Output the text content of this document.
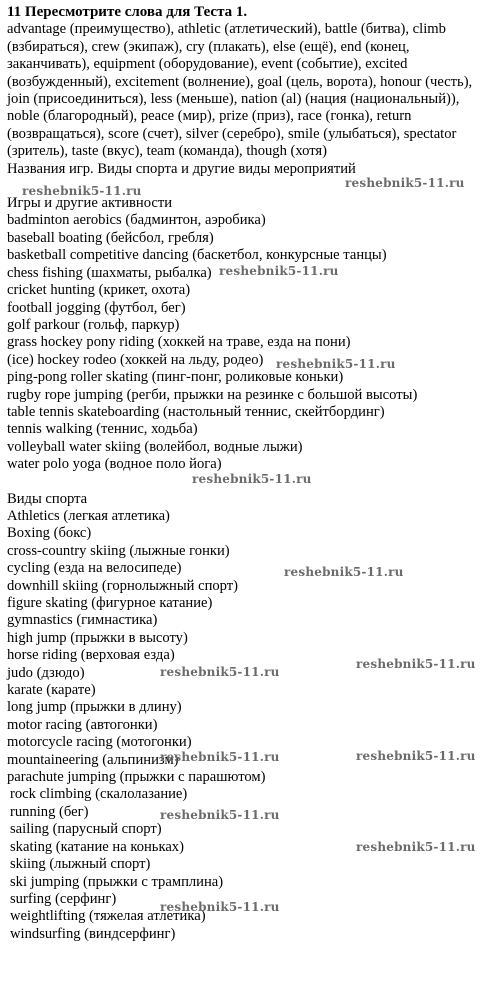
11 Пересмотрите слова для Теста 1.

advantage (преимущество), athletic (атлетический), battle (битва), climb (взбираться), crew (экипаж), cry (плакать), else (ещё), end (конец, заканчивать), equipment (оборудование), event (событие), excited (возбужденный), excitement (волнение), goal (цель, ворота), honour (честь), join (присоединиться), less (меньше), nation (al) (нация (национальный)), noble (благородный), peace (мир), prize (приз), race (гонка), return (возвращаться), score (счет), silver (серебро), smile (улыбаться), spectator (зритель), taste (вкус), team (команда), though (хотя)

Названия игр. Виды спорта и другие виды мероприятий
Игры и другие активности
badminton aerobics (бадминтон, аэробика)
baseball boating (бейсбол, гребля)
basketball competitive dancing (баскетбол, конкурсные танцы)
chess fishing (шахматы, рыбалка)
cricket hunting (крикет, охота)
football jogging (футбол, бег)
golf parkour (гольф, паркур)
grass hockey pony riding (хоккей на траве, езда на пони)
(ice) hockey rodeo (хоккей на льду, родео)
ping-pong roller skating (пинг-понг, роликовые коньки)
rugby rope jumping (регби, прыжки на резинке с большой высоты)
table tennis skateboarding (настольный теннис, скейтбординг)
tennis walking (теннис, ходьба)
volleyball water skiing (волейбол, водные лыжи)
water polo yoga (водное поло йога)
Виды спорта
Athletics (легкая атлетика)
Boxing (бокс)
cross-country skiing (лыжные гонки)
cycling (езда на велосипеде)
downhill skiing (горнолыжный спорт)
figure skating (фигурное катание)
gymnastics (гимнастика)
high jump (прыжки в высоту)
horse riding (верховая езда)
judo (дзюдо)
karate (карате)
long jump (прыжки в длину)
motor racing (автогонки)
motorcycle racing (мотогонки)
mountaineering (альпинизм)
parachute jumping (прыжки с парашютом)
rock climbing (скалолазание)
running (бег)
sailing (парусный спорт)
skating (катание на коньках)
skiing (лыжный спорт)
ski jumping (прыжки с трамплина)
surfing (серфинг)
weightlifting (тяжелая атлетика)
windsurfing (виндсерфинг)
reshebnik5-11.ru
reshebnik5-11.ru
reshebnik5-11.ru
reshebnik5-11.ru
reshebnik5-11.ru
reshebnik5-11.ru
reshebnik5-11.ru
reshebnik5-11.ru
reshebnik5-11.ru	reshebnik5-11.ru
reshebnik5-11.ru
reshebnik5-11.ru
reshebnik5-11.ru
